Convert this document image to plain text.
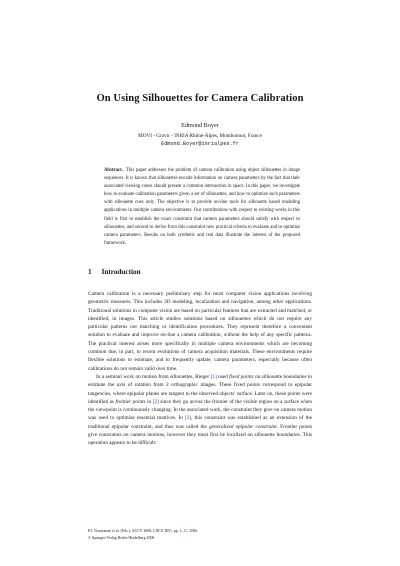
On Using Silhouettes for Camera Calibration
Edmond Boyer
MOVI - Gravir - INRIA Rhône-Alpes, Montbonnot, France
Edmond.Boyer@inrialpes.fr
Abstract. This paper addresses the problem of camera calibration using object silhouettes in image sequences. It is known that silhouettes encode information on camera parameters by the fact that their associated viewing cones should present a common intersection in space. In this paper, we investigate how to evaluate calibration parameters given a set of silhouettes, and how to optimize such parameters with silhouette cues only. The objective is to provide on-line tools for silhouette based modeling applications in multiple camera environments. Our contributions with respect to existing works in this field is first to establish the exact constraint that camera parameters should satisfy with respect to silhouettes, and second to derive from this constraint new practical criteria to evaluate and to optimize camera parameters. Results on both synthetic and real data illustrate the interest of the proposed framework.
1 Introduction

Camera calibration is a necessary preliminary step for most computer vision applications involving geometric measures. This includes 3D modeling, localization and navigation, among other applications. Traditional solutions in computer vision are based on particular features that are extracted and matched, or identified, in images. This article studies solutions based on silhouettes which do not require any particular patterns nor matching or identification procedures. They represent therefore a convenient solution to evaluate and improve on-line a camera calibration, without the help of any specific patterns. The practical interest arises more specifically in multiple camera environments which are becoming common due, in part, to recent evolutions of camera acquisition materials. These environments require flexible solutions to estimate, and to frequently update, camera parameters, especially because often calibrations do not remain valid over time.

In a seminal work on motion from silhouettes, Rieger [1] used fixed points on silhouette boundaries to estimate the axis of rotation from 2 orthographic images. These fixed points correspond to epipolar tangencies, where epipolar planes are tangent to the observed objects' surface. Later on, these points were identified as frontier points in [2] since they go across the frontier of the visible region on a surface when the viewpoint is continuously changing. In the associated work, the constraint they give on camera motion was used to optimize essential matrices. In [3], this constraint was established as an extension of the traditional epipolar constraint, and thus was called the generalized epipolar constraint. Frontier points give constraints on camera motions, however they must first be localized on silhouette boundaries. This operation appears to be difficult:

P.J. Narayanan et al. (Eds.): ACCV 2006, LNCS 3851, pp. 1–10, 2006.
© Springer-Verlag Berlin Heidelberg 2006
